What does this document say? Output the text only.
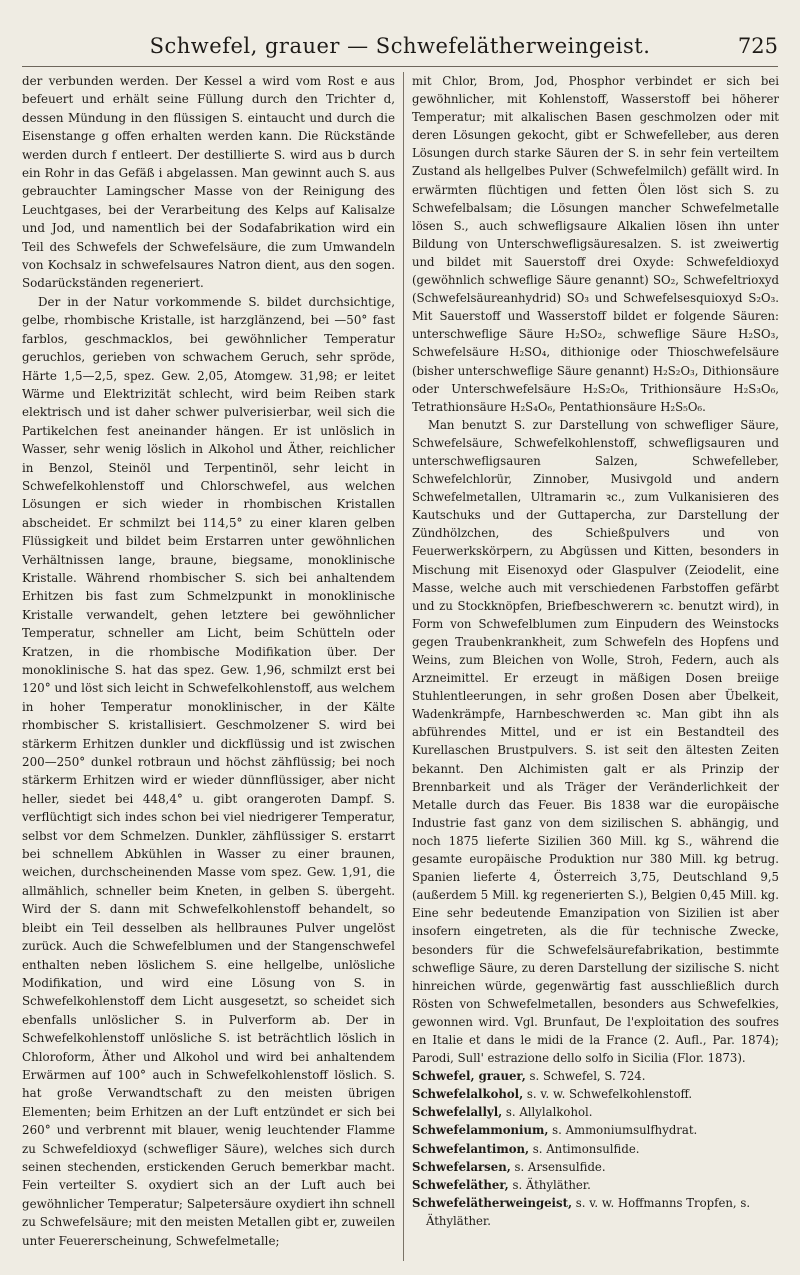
Schwefel, grauer — Schwefelätherweingeist.	725

der verbunden werden. Der Kessel a wird vom Rost e aus befeuert und erhält seine Füllung durch den Trichter d, dessen Mündung in den flüssigen S. eintaucht und durch die Eisenstange g offen erhalten werden kann. Die Rückstände werden durch f entleert. Der destillierte S. wird aus b durch ein Rohr in das Gefäß i abgelassen. Man gewinnt auch S. aus gebrauchter Lamingscher Masse von der Reinigung des Leuchtgases, bei der Verarbeitung des Kelps auf Kalisalze und Jod, und namentlich bei der Sodafabrikation wird ein Teil des Schwefels der Schwefelsäure, die zum Umwandeln von Kochsalz in schwefelsaures Natron dient, aus den sogen. Sodarückständen regeneriert.

Der in der Natur vorkommende S. bildet durchsichtige, gelbe, rhombische Kristalle, ist harzglänzend, bei —50° fast farblos, geschmacklos, bei gewöhnlicher Temperatur geruchlos, gerieben von schwachem Geruch, sehr spröde, Härte 1,5—2,5, spez. Gew. 2,05, Atomgew. 31,98; er leitet Wärme und Elektrizität schlecht, wird beim Reiben stark elektrisch und ist daher schwer pulverisierbar, weil sich die Partikelchen fest aneinander hängen. Er ist unlöslich in Wasser, sehr wenig löslich in Alkohol und Äther, reichlicher in Benzol, Steinöl und Terpentinöl, sehr leicht in Schwefelkohlenstoff und Chlorschwefel, aus welchen Lösungen er sich wieder in rhombischen Kristallen abscheidet. Er schmilzt bei 114,5° zu einer klaren gelben Flüssigkeit und bildet beim Erstarren unter gewöhnlichen Verhältnissen lange, braune, biegsame, monoklinische Kristalle. Während rhombischer S. sich bei anhaltendem Erhitzen bis fast zum Schmelzpunkt in monoklinische Kristalle verwandelt, gehen letztere bei gewöhnlicher Temperatur, schneller am Licht, beim Schütteln oder Kratzen, in die rhombische Modifikation über. Der monoklinische S. hat das spez. Gew. 1,96, schmilzt erst bei 120° und löst sich leicht in Schwefelkohlenstoff, aus welchem in hoher Temperatur monoklinischer, in der Kälte rhombischer S. kristallisiert. Geschmolzener S. wird bei stärkerm Erhitzen dunkler und dickflüssig und ist zwischen 200—250° dunkel rotbraun und höchst zähflüssig; bei noch stärkerm Erhitzen wird er wieder dünnflüssiger, aber nicht heller, siedet bei 448,4° u. gibt orangeroten Dampf. S. verflüchtigt sich indes schon bei viel niedrigerer Temperatur, selbst vor dem Schmelzen. Dunkler, zähflüssiger S. erstarrt bei schnellem Abkühlen in Wasser zu einer braunen, weichen, durchscheinenden Masse vom spez. Gew. 1,91, die allmählich, schneller beim Kneten, in gelben S. übergeht. Wird der S. dann mit Schwefelkohlenstoff behandelt, so bleibt ein Teil desselben als hellbraunes Pulver ungelöst zurück. Auch die Schwefelblumen und der Stangenschwefel enthalten neben löslichem S. eine hellgelbe, unlösliche Modifikation, und wird eine Lösung von S. in Schwefelkohlenstoff dem Licht ausgesetzt, so scheidet sich ebenfalls unlöslicher S. in Pulverform ab. Der in Schwefelkohlenstoff unlösliche S. ist beträchtlich löslich in Chloroform, Äther und Alkohol und wird bei anhaltendem Erwärmen auf 100° auch in Schwefelkohlenstoff löslich. S. hat große Verwandtschaft zu den meisten übrigen Elementen; beim Erhitzen an der Luft entzündet er sich bei 260° und verbrennt mit blauer, wenig leuchtender Flamme zu Schwefeldioxyd (schwefliger Säure), welches sich durch seinen stechenden, erstickenden Geruch bemerkbar macht. Fein verteilter S. oxydiert sich an der Luft auch bei gewöhnlicher Temperatur; Salpetersäure oxydiert ihn schnell zu Schwefelsäure; mit den meisten Metallen gibt er, zuweilen unter Feuererscheinung, Schwefelmetalle;

mit Chlor, Brom, Jod, Phosphor verbindet er sich bei gewöhnlicher, mit Kohlenstoff, Wasserstoff bei höherer Temperatur; mit alkalischen Basen geschmolzen oder mit deren Lösungen gekocht, gibt er Schwefelleber, aus deren Lösungen durch starke Säuren der S. in sehr fein verteiltem Zustand als hellgelbes Pulver (Schwefelmilch) gefällt wird. In erwärmten flüchtigen und fetten Ölen löst sich S. zu Schwefelbalsam; die Lösungen mancher Schwefelmetalle lösen S., auch schwefligsaure Alkalien lösen ihn unter Bildung von Unterschwefligsäuresalzen. S. ist zweiwertig und bildet mit Sauerstoff drei Oxyde: Schwefeldioxyd (gewöhnlich schweflige Säure genannt) SO₂, Schwefeltrioxyd (Schwefelsäureanhydrid) SO₃ und Schwefelsesquioxyd S₂O₃. Mit Sauerstoff und Wasserstoff bildet er folgende Säuren: unterschweflige Säure H₂SO₂, schweflige Säure H₂SO₃, Schwefelsäure H₂SO₄, dithionige oder Thioschwefelsäure (bisher unterschweflige Säure genannt) H₂S₂O₃, Dithionsäure oder Unterschwefelsäure H₂S₂O₆, Trithionsäure H₂S₃O₆, Tetrathionsäure H₂S₄O₆, Pentathionsäure H₂S₅O₆.

Man benutzt S. zur Darstellung von schwefliger Säure, Schwefelsäure, Schwefelkohlenstoff, schwefligsauren und unterschwefligsauren Salzen, Schwefelleber, Schwefelchlorür, Zinnober, Musivgold und andern Schwefelmetallen, Ultramarin ꝛc., zum Vulkanisieren des Kautschuks und der Guttapercha, zur Darstellung der Zündhölzchen, des Schießpulvers und von Feuerwerkskörpern, zu Abgüssen und Kitten, besonders in Mischung mit Eisenoxyd oder Glaspulver (Zeiodelit, eine Masse, welche auch mit verschiedenen Farbstoffen gefärbt und zu Stockknöpfen, Briefbeschwerern ꝛc. benutzt wird), in Form von Schwefelblumen zum Einpudern des Weinstocks gegen Traubenkrankheit, zum Schwefeln des Hopfens und Weins, zum Bleichen von Wolle, Stroh, Federn, auch als Arzneimittel. Er erzeugt in mäßigen Dosen breiige Stuhlentleerungen, in sehr großen Dosen aber Übelkeit, Wadenkrämpfe, Harnbeschwerden ꝛc. Man gibt ihn als abführendes Mittel, und er ist ein Bestandteil des Kurellaschen Brustpulvers. S. ist seit den ältesten Zeiten bekannt. Den Alchimisten galt er als Prinzip der Brennbarkeit und als Träger der Veränderlichkeit der Metalle durch das Feuer. Bis 1838 war die europäische Industrie fast ganz von dem sizilischen S. abhängig, und noch 1875 lieferte Sizilien 360 Mill. kg S., während die gesamte europäische Produktion nur 380 Mill. kg betrug. Spanien lieferte 4, Österreich 3,75, Deutschland 9,5 (außerdem 5 Mill. kg regenerierten S.), Belgien 0,45 Mill. kg. Eine sehr bedeutende Emanzipation von Sizilien ist aber insofern eingetreten, als die für technische Zwecke, besonders für die Schwefelsäurefabrikation, bestimmte schweflige Säure, zu deren Darstellung der sizilische S. nicht hinreichen würde, gegenwärtig fast ausschließlich durch Rösten von Schwefelmetallen, besonders aus Schwefelkies, gewonnen wird. Vgl. Brunfaut, De l'exploitation des soufres en Italie et dans le midi de la France (2. Aufl., Par. 1874); Parodi, Sull' estrazione dello solfo in Sicilia (Flor. 1873).

Schwefel, grauer, s. Schwefel, S. 724.
Schwefelalkohol, s. v. w. Schwefelkohlenstoff.
Schwefelallyl, s. Allylalkohol.
Schwefelammonium, s. Ammoniumsulfhydrat.
Schwefelantimon, s. Antimonsulfide.
Schwefelarsen, s. Arsensulfide.
Schwefeläther, s. Äthyläther.
Schwefelätherweingeist, s. v. w. Hoffmanns Tropfen, s. Äthyläther.
